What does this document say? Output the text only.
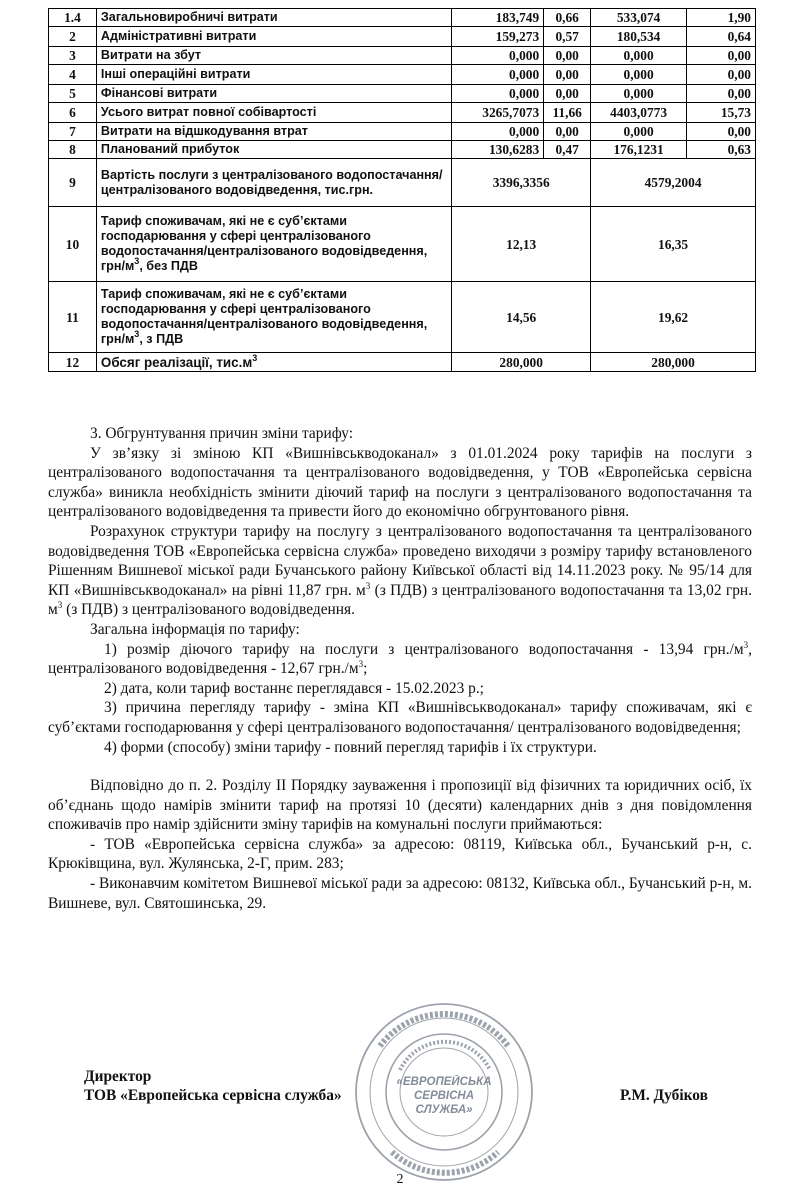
1.4	Загальновиробничі витрати	183,749	0,66	533,074	1,90
2	Адміністративні витрати	159,273	0,57	180,534	0,64
3	Витрати на збут	0,000	0,00	0,000	0,00
4	Інші операційні витрати	0,000	0,00	0,000	0,00
5	Фінансові витрати	0,000	0,00	0,000	0,00
6	Усього витрат повної собівартості	3265,7073	11,66	4403,0773	15,73
7	Витрати на відшкодування втрат	0,000	0,00	0,000	0,00
8	Планований прибуток	130,6283	0,47	176,1231	0,63
9	Вартість послуги з централізованого водопостачання/централізованого водовідведення, тис.грн.	3396,3356		4579,2004	
10	Тариф споживачам, які не є суб’єктами господарювання у сфері централізованого водопостачання/централізованого водовідведення, грн/$м^3$, без ПДВ	12,13		16,35	
11	Тариф споживачам, які не є суб’єктами господарювання у сфері централізованого водопостачання/централізованого водовідведення, грн/$м^3$, з ПДВ	14,56		19,62	
12	Обсяг реалізації, $тис.м^3$	280,000		280,000	

3. Обгрунтування причин зміни тарифу:

У зв’язку зі зміною КП «Вишнівськводоканал» з 01.01.2024 року тарифів на послуги з централізованого водопостачання та централізованого водовідведення, у ТОВ «Европейська сервісна служба» виникла необхідність змінити діючий тариф на послуги з централізованого водопостачання та централізованого водовідведення та привести його до економічно обгрунтованого рівня.

Розрахунок структури тарифу на послугу з централізованого водопостачання та централізованого водовідведення ТОВ «Европейська сервісна служба» проведено виходячи з розміру тарифу встановленого Рішенням Вишневої міської ради Бучанського району Київської області від 14.11.2023 року. № 95/14 для КП «Вишнівськводоканал» на рівні 11,87 грн. $м^3$ (з ПДВ) з централізованого водопостачання та 13,02 грн. $м^3$ (з ПДВ) з централізованого водовідведення.

Загальна інформація по тарифу:

1) розмір діючого тарифу на послуги з централізованого водопостачання - 13,94 $грн./м^3$, централізованого водовідведення - 12,67 $грн./м^3$;

2) дата, коли тариф востаннє переглядався - 15.02.2023 р.;

3) причина перегляду тарифу - зміна КП «Вишнівськводоканал» тарифу споживачам, які є суб’єктами господарювання у сфері централізованого водопостачання/ централізованого водовідведення;

4) форми (способу) зміни тарифу - повний перегляд тарифів і їх структури.

Відповідно до п. 2. Розділу II Порядку зауваження і пропозиції від фізичних та юридичних осіб, їх об’єднань щодо намірів змінити тариф на протязі 10 (десяти) календарних днів з дня повідомлення споживачів про намір здійснити зміну тарифів на комунальні послуги приймаються:

- ТОВ «Европейська сервісна служба» за адресою: 08119, Київська обл., Бучанський р-н, с. Крюківщина, вул. Жулянська, 2-Г, прим. 283;

- Виконавчим комітетом Вишневої міської ради за адресою: 08132, Київська обл., Бучанський р-н, м. Вишневе, вул. Святошинська, 29.

Директор
ТОВ «Европейська сервісна служба»	Р.М. Дубіков
«ЕВРОПЕЙСЬКА
СЕРВІСНА
СЛУЖБА»
2
